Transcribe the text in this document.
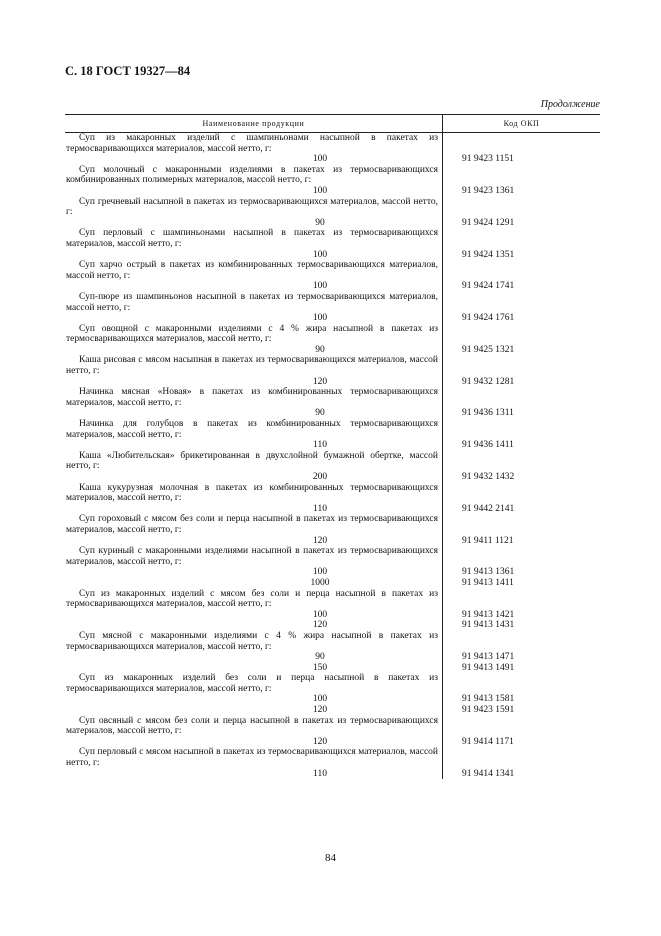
С. 18 ГОСТ 19327—84
Продолжение
Наименование продукции	Код ОКП
Суп из макаронных изделий с шампиньонами насыпной в пакетах из термосваривающихся материалов, массой нетто, г:
100	91 9423 1151
Суп молочный с макаронными изделиями в пакетах из термосваривающихся комбинированных полимерных материалов, массой нетто, г:
100	91 9423 1361
Суп гречневый насыпной в пакетах из термосваривающихся материалов, массой нетто, г:
90	91 9424 1291
Суп перловый с шампиньонами насыпной в пакетах из термосваривающихся материалов, массой нетто, г:
100	91 9424 1351
Суп харчо острый в пакетах из комбинированных термосваривающихся материалов, массой нетто, г:
100	91 9424 1741
Суп-пюре из шампиньонов насыпной в пакетах из термосваривающихся материалов, массой нетто, г:
100	91 9424 1761
Суп овощной с макаронными изделиями с 4 % жира насыпной в пакетах из термосваривающихся материалов, массой нетто, г:
90	91 9425 1321
Каша рисовая с мясом насыпная в пакетах из термосваривающихся материалов, массой нетто, г:
120	91 9432 1281
Начинка мясная «Новая» в пакетах из комбинированных термосваривающихся материалов, массой нетто, г:
90	91 9436 1311
Начинка для голубцов в пакетах из комбинированных термосваривающихся материалов, массой нетто, г:
110	91 9436 1411
Каша «Любительская» брикетированная в двухслойной бумажной обертке, массой нетто, г:
200	91 9432 1432
Каша кукурузная молочная в пакетах из комбинированных термосваривающихся материалов, массой нетто, г:
110	91 9442 2141
Суп гороховый с мясом без соли и перца насыпной в пакетах из термосваривающихся материалов, массой нетто, г:
120	91 9411 1121
Суп куриный с макаронными изделиями насыпной в пакетах из термосваривающихся материалов, массой нетто, г:
100	91 9413 1361
1000	91 9413 1411
Суп из макаронных изделий с мясом без соли и перца насыпной в пакетах из термосваривающихся материалов, массой нетто, г:
100	91 9413 1421
120	91 9413 1431
Суп мясной с макаронными изделиями с 4 % жира насыпной в пакетах из термосваривающихся материалов, массой нетто, г:
90	91 9413 1471
150	91 9413 1491
Суп из макаронных изделий без соли и перца насыпной в пакетах из термосваривающихся материалов, массой нетто, г:
100	91 9413 1581
120	91 9423 1591
Суп овсяный с мясом без соли и перца насыпной в пакетах из термосваривающихся материалов, массой нетто, г:
120	91 9414 1171
Суп перловый с мясом насыпной в пакетах из термосваривающихся материалов, массой нетто, г:
110	91 9414 1341
84
